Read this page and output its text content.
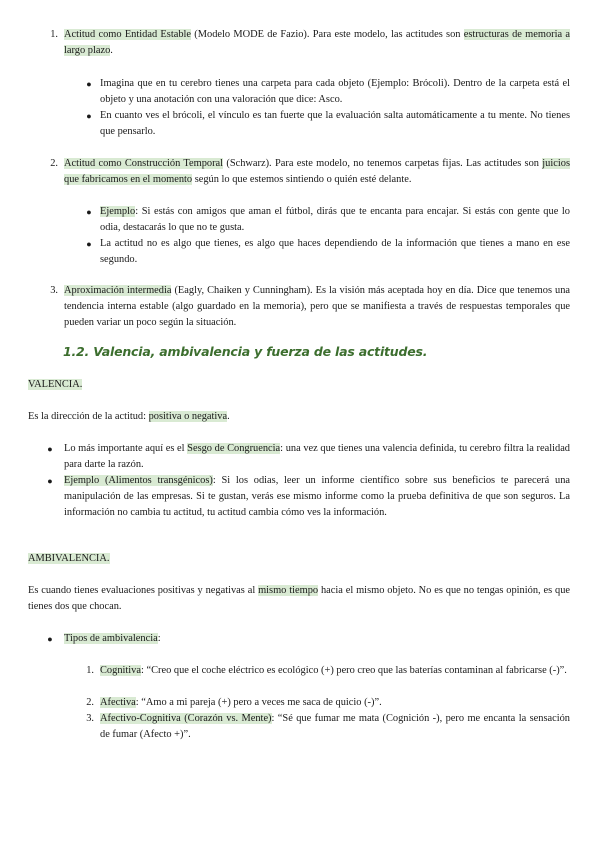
1. Actitud como Entidad Estable (Modelo MODE de Fazio). Para este modelo, las actitudes son estructuras de memoria a largo plazo.
● Imagina que en tu cerebro tienes una carpeta para cada objeto (Ejemplo: Brócoli). Dentro de la carpeta está el objeto y una anotación con una valoración que dice: Asco.
● En cuanto ves el brócoli, el vínculo es tan fuerte que la evaluación salta automáticamente a tu mente. No tienes que pensarlo.
2. Actitud como Construcción Temporal (Schwarz). Para este modelo, no tenemos carpetas fijas. Las actitudes son juicios que fabricamos en el momento según lo que estemos sintiendo o quién esté delante.
● Ejemplo: Si estás con amigos que aman el fútbol, dirás que te encanta para encajar. Si estás con gente que lo odia, destacarás lo que no te gusta.
● La actitud no es algo que tienes, es algo que haces dependiendo de la información que tienes a mano en ese segundo.
3. Aproximación intermedia (Eagly, Chaiken y Cunningham). Es la visión más aceptada hoy en día. Dice que tenemos una tendencia interna estable (algo guardado en la memoria), pero que se manifiesta a través de respuestas temporales que pueden variar un poco según la situación.
1.2. Valencia, ambivalencia y fuerza de las actitudes.
VALENCIA.
Es la dirección de la actitud: positiva o negativa.
● Lo más importante aquí es el Sesgo de Congruencia: una vez que tienes una valencia definida, tu cerebro filtra la realidad para darte la razón.
● Ejemplo (Alimentos transgénicos): Si los odias, leer un informe científico sobre sus beneficios te parecerá una manipulación de las empresas. Si te gustan, verás ese mismo informe como la prueba definitiva de que son seguros. La información no cambia tu actitud, tu actitud cambia cómo ves la información.
AMBIVALENCIA.
Es cuando tienes evaluaciones positivas y negativas al mismo tiempo hacia el mismo objeto. No es que no tengas opinión, es que tienes dos que chocan.
● Tipos de ambivalencia:
1. Cognitiva: “Creo que el coche eléctrico es ecológico (+) pero creo que las baterías contaminan al fabricarse (-)”.
2. Afectiva: “Amo a mi pareja (+) pero a veces me saca de quicio (-)”.
3. Afectivo-Cognitiva (Corazón vs. Mente): “Sé que fumar me mata (Cognición -), pero me encanta la sensación de fumar (Afecto +)”.
